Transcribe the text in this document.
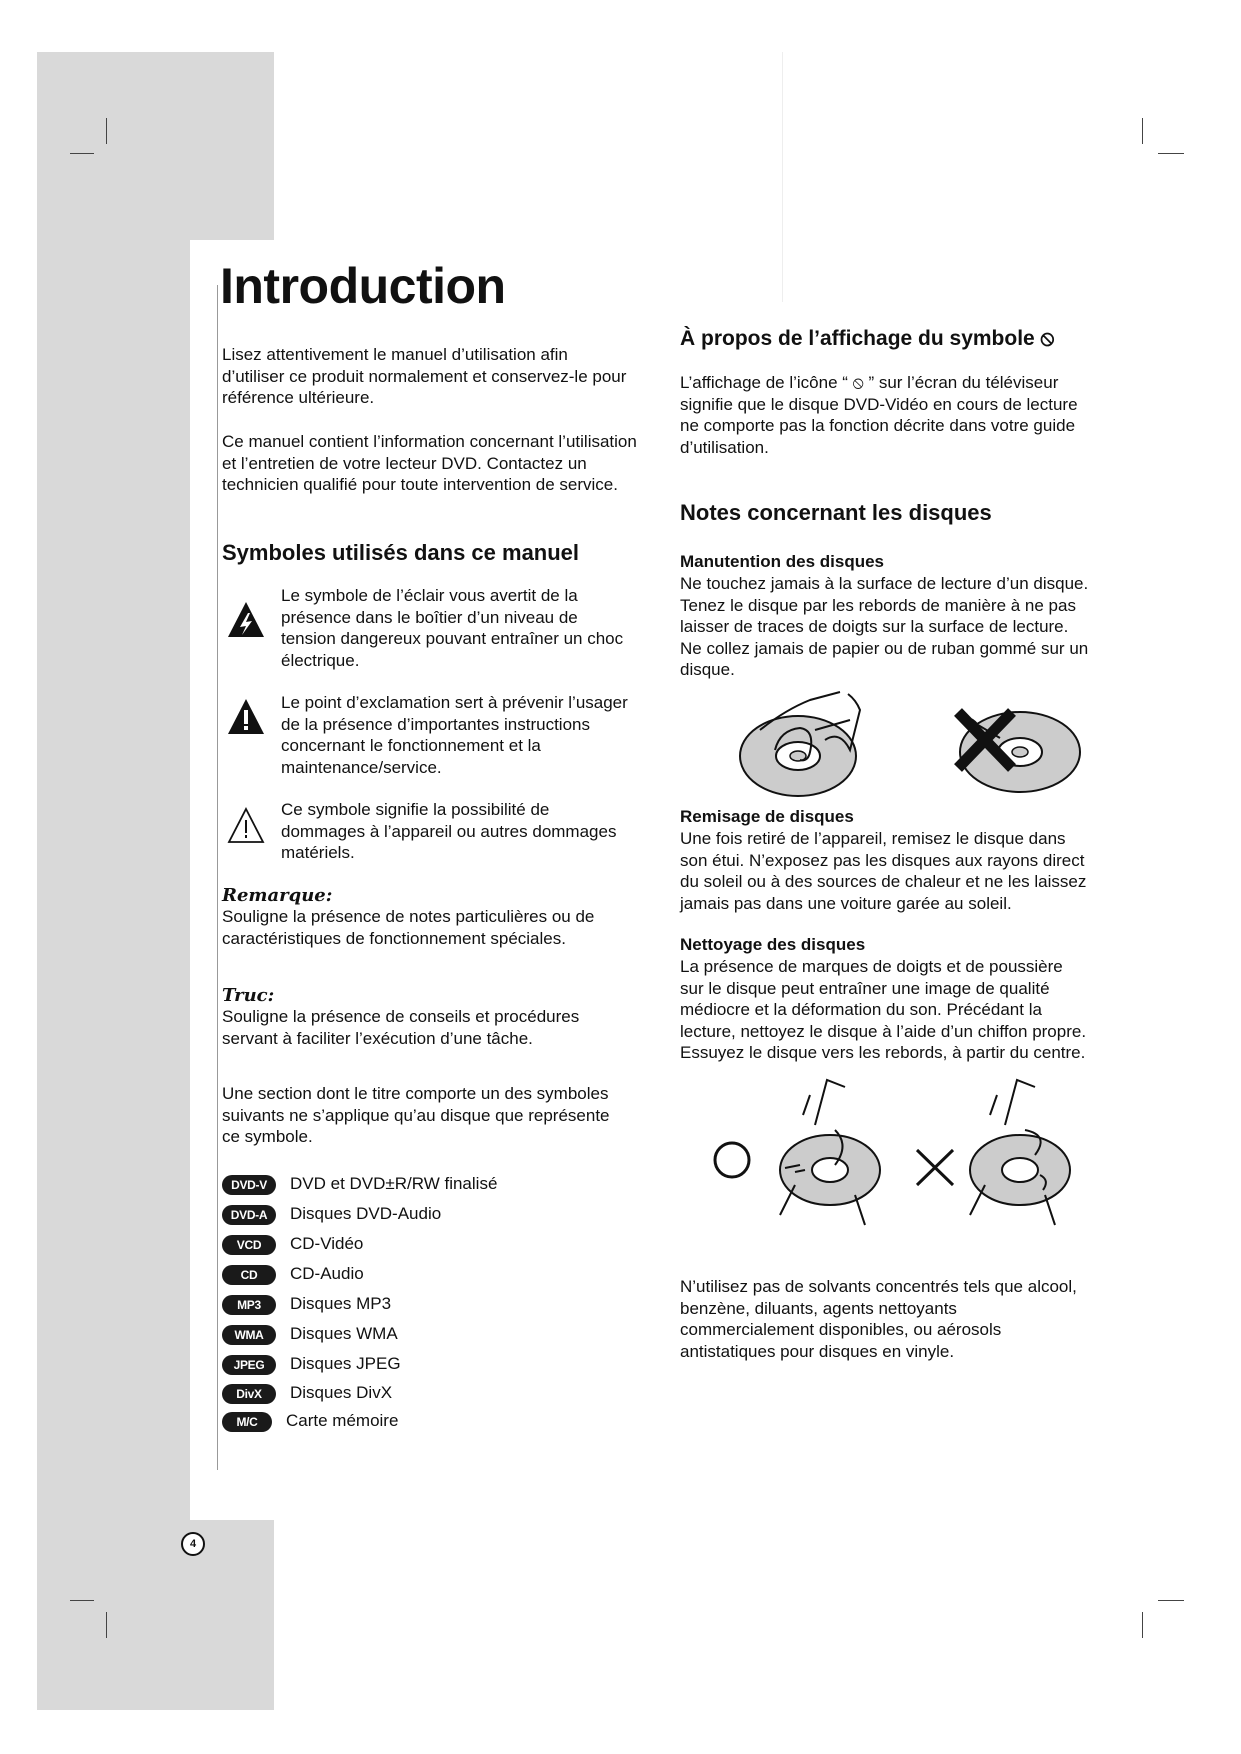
Introduction
Lisez attentivement le manuel d’utilisation afin
d’utiliser ce produit normalement et conservez-le pour
référence ultérieure.
Ce manuel contient l’information concernant l’utilisation
et l’entretien de votre lecteur DVD. Contactez un
technicien qualifié pour toute intervention de service.
Symboles utilisés dans ce manuel
Le symbole de l’éclair vous avertit de la
présence dans le boîtier d’un niveau de
tension dangereux pouvant entraîner un choc
électrique.
Le point d’exclamation sert à prévenir l’usager
de la présence d’importantes instructions
concernant le fonctionnement et la
maintenance/service.
Ce symbole signifie la possibilité de
dommages à l’appareil ou autres dommages
matériels.
Remarque:
Souligne la présence de notes particulières ou de
caractéristiques de fonctionnement spéciales.
Truc:
Souligne la présence de conseils et procédures
servant à faciliter l’exécution d’une tâche.
Une section dont le titre comporte un des symboles
suivants ne s’applique qu’au disque que représente
ce symbole.
DVD-V	DVD et DVD±R/RW finalisé
DVD-A	Disques DVD-Audio
VCD	CD-Vidéo
CD	CD-Audio
MP3	Disques MP3
WMA	Disques WMA
JPEG	Disques JPEG
DivX	Disques DivX
M/C	Carte mémoire
À propos de l’affichage du symbole ⦸
L’affichage de l’icône “ ⦸ ” sur l’écran du téléviseur
signifie que le disque DVD-Vidéo en cours de lecture
ne comporte pas la fonction décrite dans votre guide
d’utilisation.
Notes concernant les disques
Manutention des disques
Ne touchez jamais à la surface de lecture d’un disque.
Tenez le disque par les rebords de manière à ne pas
laisser de traces de doigts sur la surface de lecture.
Ne collez jamais de papier ou de ruban gommé sur un
disque.
Remisage de disques
Une fois retiré de l’appareil, remisez le disque dans
son étui. N’exposez pas les disques aux rayons direct
du soleil ou à des sources de chaleur et ne les laissez
jamais pas dans une voiture garée au soleil.
Nettoyage des disques
La présence de marques de doigts et de poussière
sur le disque peut entraîner une image de qualité
médiocre et la déformation du son. Précédant la
lecture, nettoyez le disque à l’aide d’un chiffon propre.
Essuyez le disque vers les rebords, à partir du centre.
N’utilisez pas de solvants concentrés tels que alcool,
benzène, diluants, agents nettoyants
commercialement disponibles, ou aérosols
antistatiques pour disques en vinyle.
4
